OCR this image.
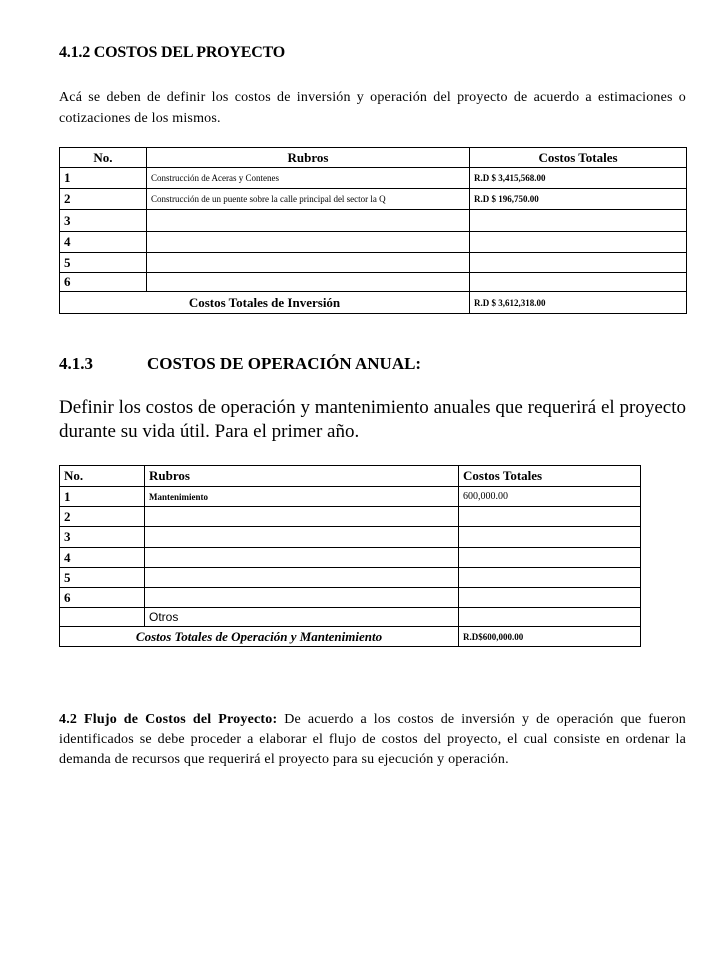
4.1.2 COSTOS DEL PROYECTO

Acá se deben de definir los costos de inversión y operación del proyecto de acuerdo a estimaciones o cotizaciones de los mismos.

No.	Rubros	Costos Totales
1	Construcción de Aceras y Contenes	R.D $ 3,415,568.00
2	Construcción de un puente sobre la calle principal del sector la Q	R.D $ 196,750.00
3		
4		
5		
6		
Costos Totales de Inversión		R.D $ 3,612,318.00
4.1.3	COSTOS DE OPERACIÓN ANUAL:

Definir los costos de operación y mantenimiento anuales que requerirá el proyecto durante su vida útil. Para el primer año.

No.	Rubros	Costos Totales
1	Mantenimiento	600,000.00
2		
3		
4		
5		
6		
	Otros	
Costos Totales de Operación y Mantenimiento		R.D$600,000.00

4.2 Flujo de Costos del Proyecto: De acuerdo a los costos de inversión y de operación que fueron identificados se debe proceder a elaborar el flujo de costos del proyecto, el cual consiste en ordenar la demanda de recursos que requerirá el proyecto para su ejecución y operación.
